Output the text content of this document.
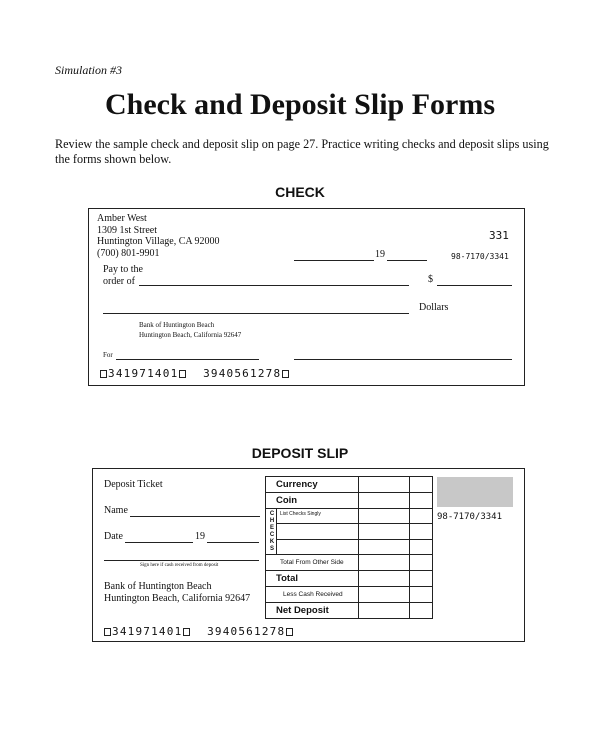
Simulation #3
Check and Deposit Slip Forms
Review the sample check and deposit slip on page 27. Practice writing checks and deposit slips using the forms shown below.
CHECK
Amber West
1309 1st Street
Huntington Village, CA 92000
(700) 801-9901
331
19	98-7170/3341
Pay to the
order of	$
Dollars
Bank of Huntington Beach
Huntington Beach, California 92647
For
341971401 3940561278
DEPOSIT SLIP
Deposit Ticket
Name
Date	19
Sign here if cash received from deposit
Bank of Huntington Beach
Huntington Beach, California 92647
Currency
Coin
CHECKS
List Checks Singly
Total From Other Side
Total
Less Cash Received
Net Deposit
98-7170/3341
341971401 3940561278
